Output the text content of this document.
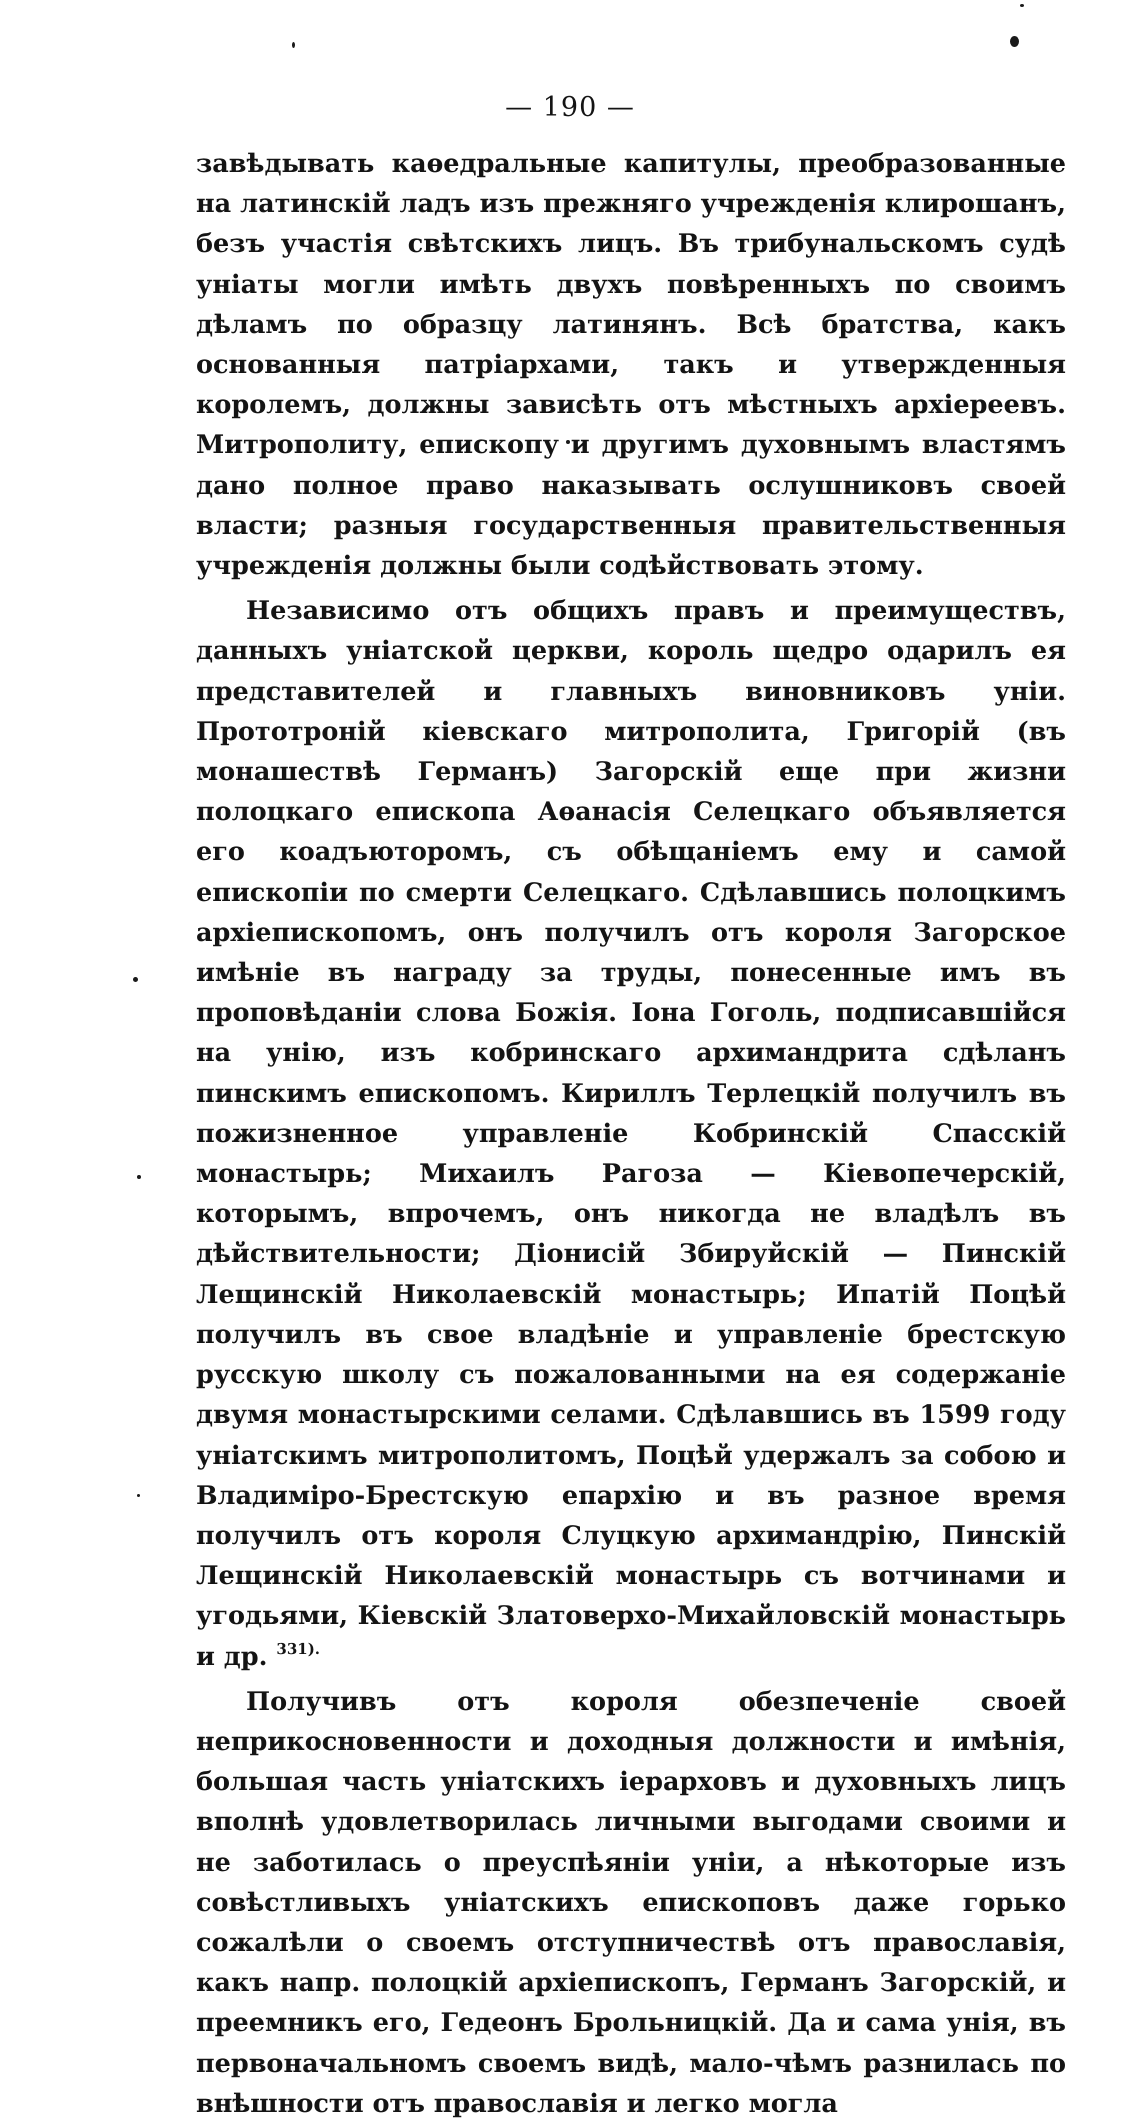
— 190 —

завѣдывать каѳедральные капитулы, преобразованные на латинскій ладъ изъ прежняго учрежденія клирошанъ, безъ участія свѣтскихъ лицъ. Въ трибунальскомъ судѣ уніаты могли имѣть двухъ повѣренныхъ по своимъ дѣламъ по образцу латинянъ. Всѣ братства, какъ основанныя патріархами, такъ и утвержденныя королемъ, должны зависѣть отъ мѣстныхъ архіереевъ. Митрополиту, епископу и другимъ духовнымъ властямъ дано полное право наказывать ослушниковъ своей власти; разныя государственныя правительственныя учрежденія должны были содѣйствовать этому.

Независимо отъ общихъ правъ и преимуществъ, данныхъ уніатской церкви, король щедро одарилъ ея представителей и главныхъ виновниковъ уніи. Прототроній кіевскаго митрополита, Григорій (въ монашествѣ Германъ) Загорскій еще при жизни полоцкаго епископа Аѳанасія Селецкаго объявляется его коадъюторомъ, съ обѣщаніемъ ему и самой епископіи по смерти Селецкаго. Сдѣлавшись полоцкимъ архіепископомъ, онъ получилъ отъ короля Загорское имѣніе въ награду за труды, понесенные имъ въ проповѣданіи слова Божія. Іона Гоголь, подписавшійся на унію, изъ кобринскаго архимандрита сдѣланъ пинскимъ епископомъ. Кириллъ Терлецкій получилъ въ пожизненное управленіе Кобринскій Спасскій монастырь; Михаилъ Рагоза — Кіевопечерскій, которымъ, впрочемъ, онъ никогда не владѣлъ въ дѣйствительности; Діонисій Збируйскій — Пинскій Лещинскій Николаевскій монастырь; Ипатій Поцѣй получилъ въ свое владѣніе и управленіе брестскую русскую школу съ пожалованными на ея содержаніе двумя монастырскими селами. Сдѣлавшись въ 1599 году уніатскимъ митрополитомъ, Поцѣй удержалъ за собою и Владиміро-Брестскую епархію и въ разное время получилъ отъ короля Слуцкую архимандрію, Пинскій Лещинскій Николаевскій монастырь съ вотчинами и угодьями, Кіевскій Златоверхо-Михайловскій монастырь и др. $^{331).}$

Получивъ отъ короля обезпеченіе своей неприкосновенности и доходныя должности и имѣнія, большая часть уніатскихъ іерарховъ и духовныхъ лицъ вполнѣ удовлетворилась личными выгодами своими и не заботилась о преуспѣяніи уніи, а нѣкоторые изъ совѣстливыхъ уніатскихъ епископовъ даже горько сожалѣли о своемъ отступничествѣ отъ православія, какъ напр. полоцкій архіепископъ, Германъ Загорскій, и преемникъ его, Гедеонъ Брольницкій. Да и сама унія, въ первоначальномъ своемъ видѣ, мало-чѣмъ разнилась по внѣшности отъ православія и легко могла
